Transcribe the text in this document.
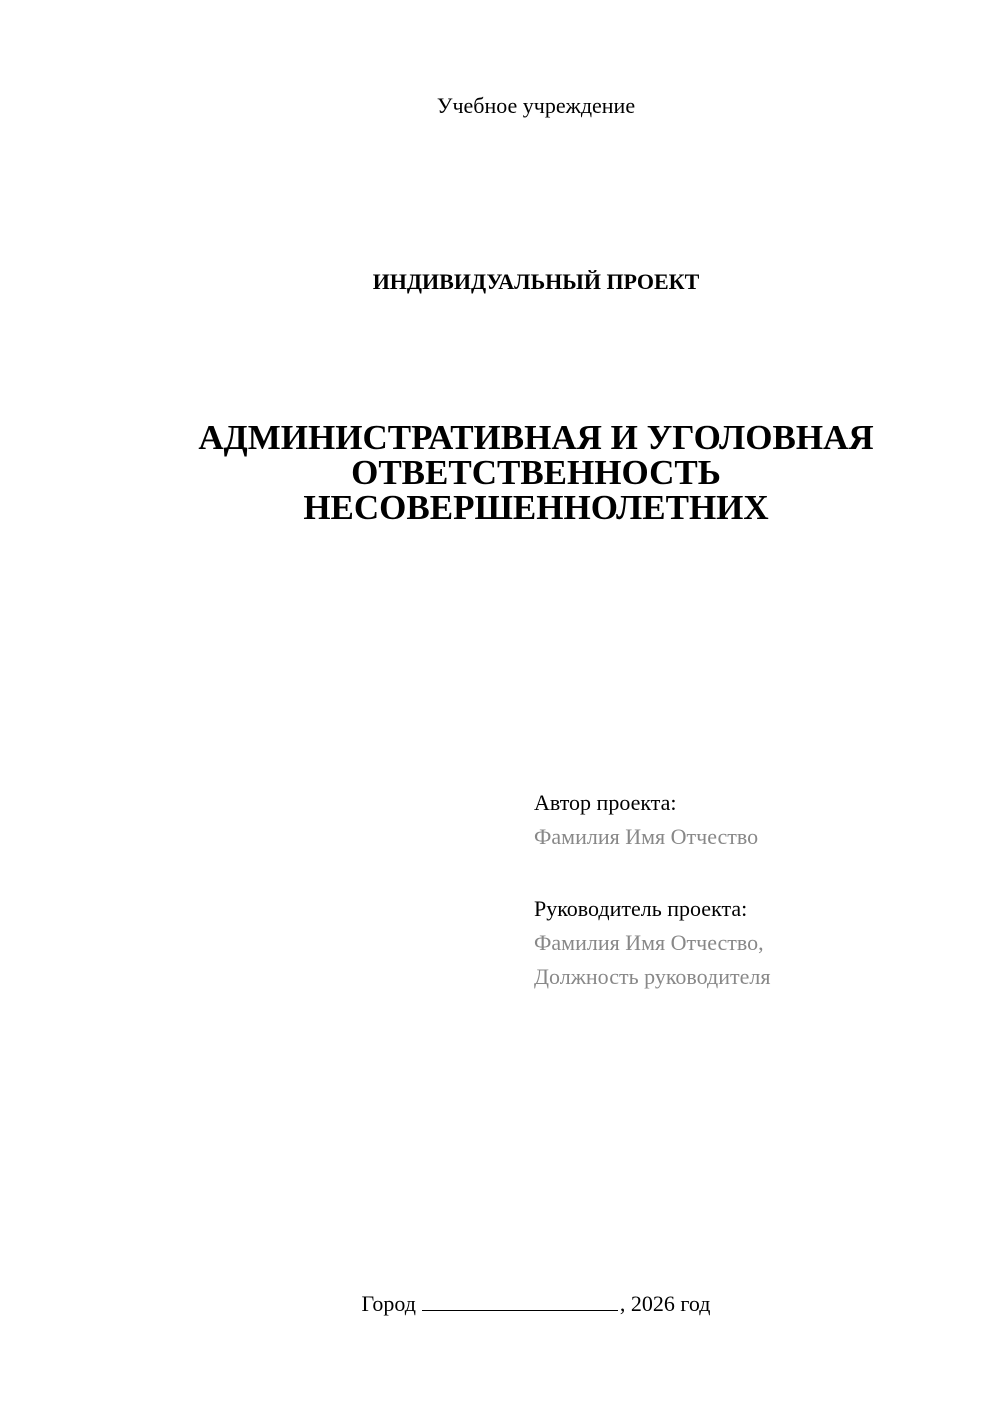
Учебное учреждение
ИНДИВИДУАЛЬНЫЙ ПРОЕКТ
АДМИНИСТРАТИВНАЯ И УГОЛОВНАЯ
ОТВЕТСТВЕННОСТЬ
НЕСОВЕРШЕННОЛЕТНИХ
Автор проекта:
Фамилия Имя Отчество
Руководитель проекта:
Фамилия Имя Отчество,
Должность руководителя
Город	, 2026 год
